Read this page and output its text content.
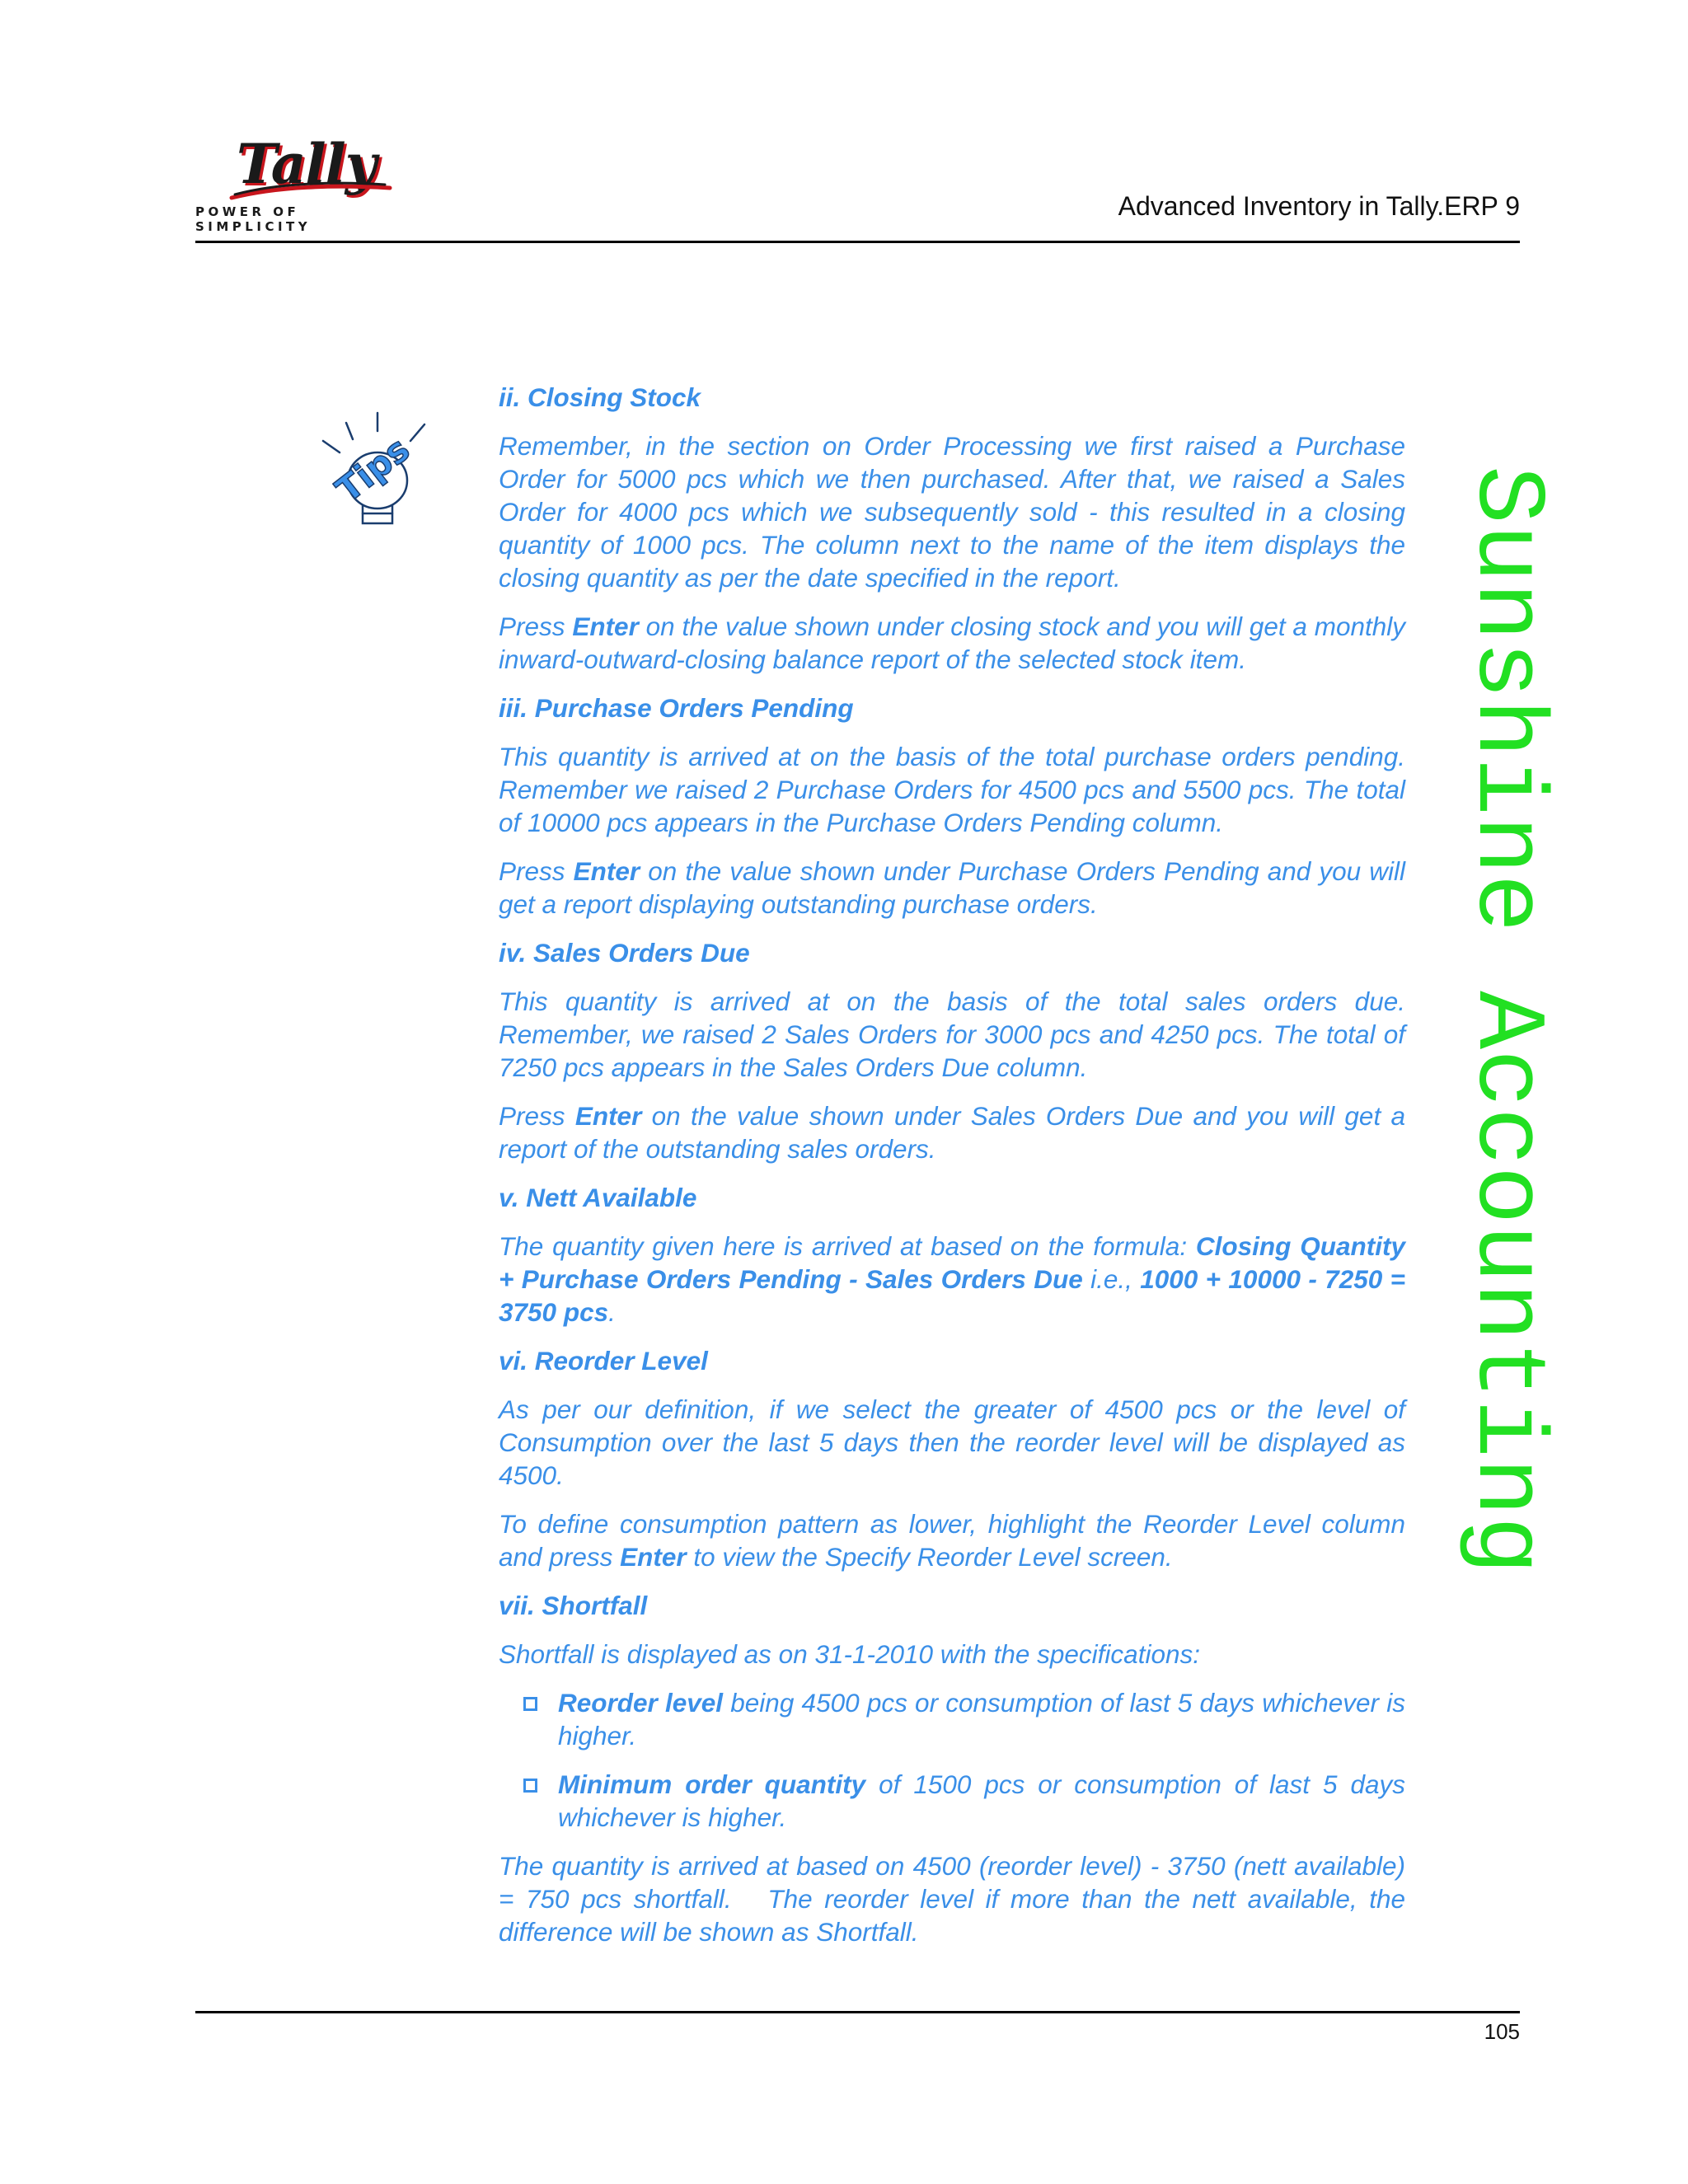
Tally
POWER OF SIMPLICITY
Advanced Inventory in Tally.ERP 9
Tips
ii. Closing Stock

Remember, in the section on Order Processing we first raised a Purchase Order for 5000 pcs which we then purchased. After that, we raised a Sales Order for 4000 pcs which we subsequently sold - this resulted in a closing quantity of 1000 pcs. The column next to the name of the item displays the closing quantity as per the date specified in the report.

Press Enter on the value shown under closing stock and you will get a monthly inward-outward-closing balance report of the selected stock item.

iii. Purchase Orders Pending

This quantity is arrived at on the basis of the total purchase orders pending. Remember we raised 2 Purchase Orders for 4500 pcs and 5500 pcs. The total of 10000 pcs appears in the Purchase Orders Pending column.

Press Enter on the value shown under Purchase Orders Pending and you will get a report displaying outstanding purchase orders.

iv. Sales Orders Due

This quantity is arrived at on the basis of the total sales orders due. Remember, we raised 2 Sales Orders for 3000 pcs and 4250 pcs. The total of 7250 pcs appears in the Sales Orders Due column.

Press Enter on the value shown under Sales Orders Due and you will get a report of the outstanding sales orders.

v. Nett Available

The quantity given here is arrived at based on the formula: Closing Quantity + Purchase Orders Pending - Sales Orders Due i.e., 1000 + 10000 - 7250 = 3750 pcs.

vi. Reorder Level

As per our definition, if we select the greater of 4500 pcs or the level of Consumption over the last 5 days then the reorder level will be displayed as 4500.

To define consumption pattern as lower, highlight the Reorder Level column and press Enter to view the Specify Reorder Level screen.

vii. Shortfall

Shortfall is displayed as on 31-1-2010 with the specifications:

Reorder level being 4500 pcs or consumption of last 5 days whichever is higher.
Minimum order quantity of 1500 pcs or consumption of last 5 days whichever is higher.

The quantity is arrived at based on 4500 (reorder level) - 3750 (nett available) = 750 pcs shortfall.   The reorder level if more than the nett available, the difference will be shown as Shortfall.

Sunshine Accounting
105
